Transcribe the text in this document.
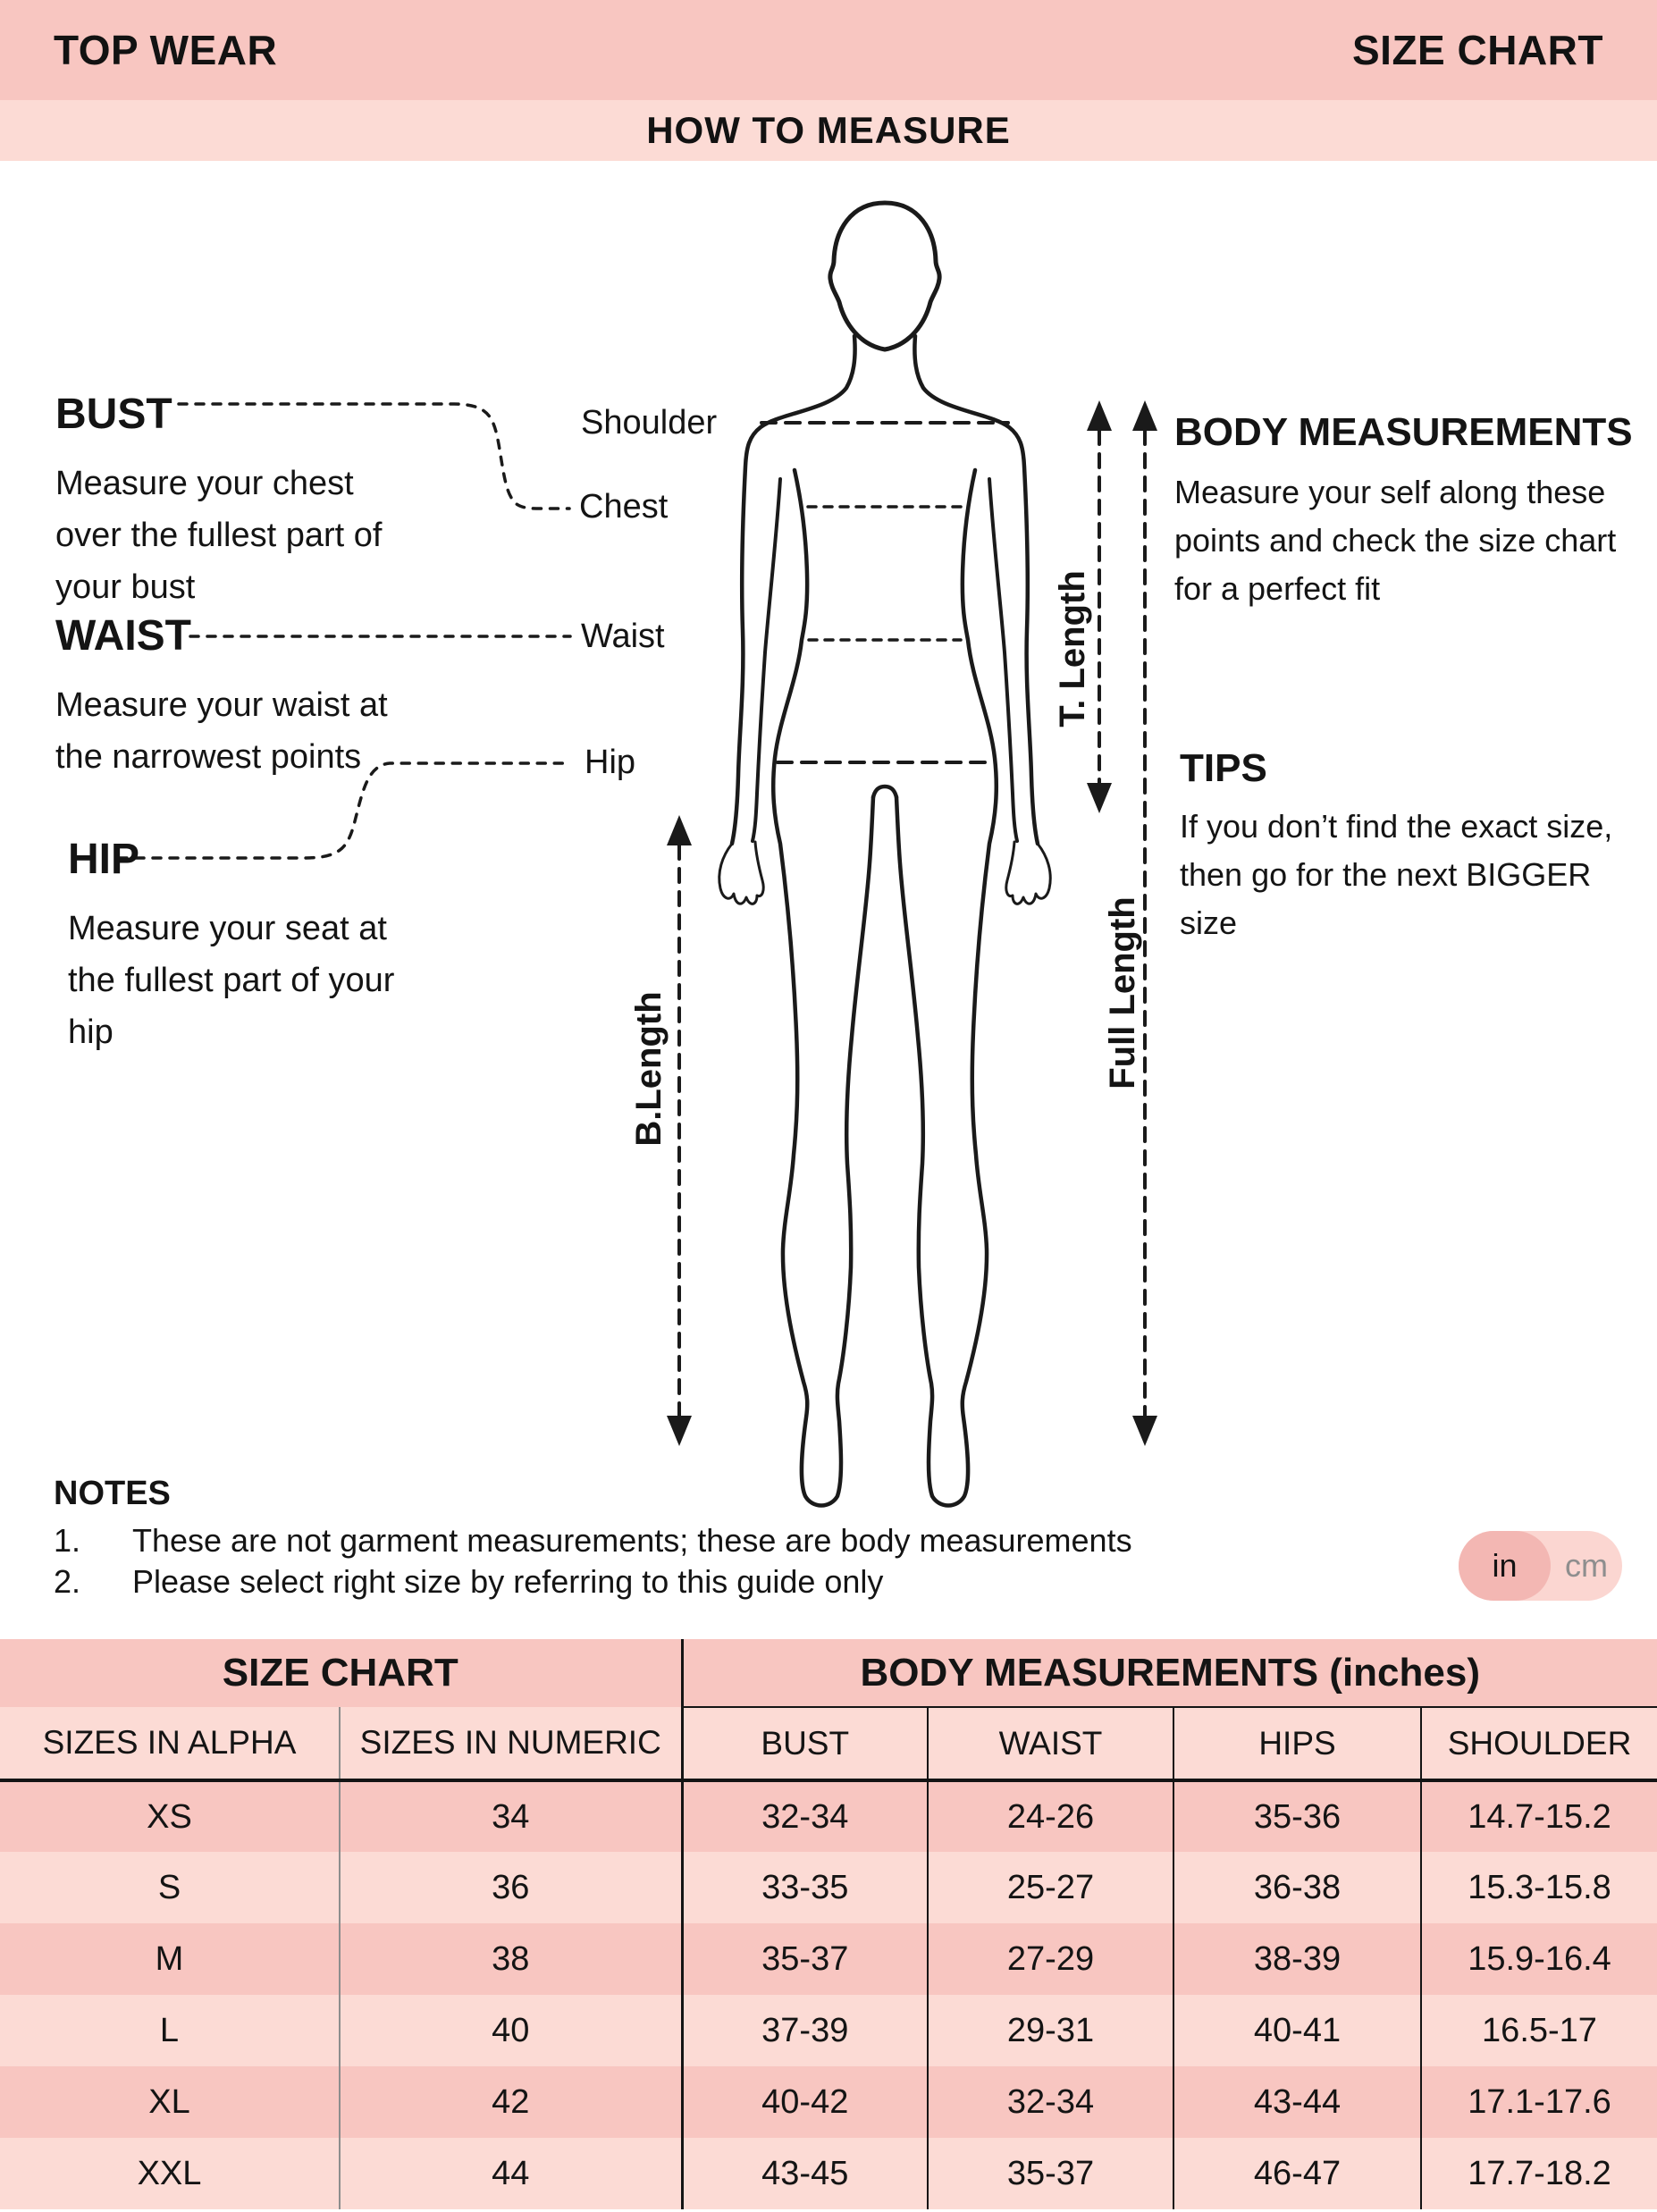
TOP WEAR	SIZE CHART
HOW TO MEASURE
BUST
Measure your chest over the fullest part of your bust
WAIST
Measure your waist at the narrowest points
HIP
Measure your seat at the fullest part of your hip
Shoulder
Chest
Waist
Hip
T. Length
Full Length
B.Length
BODY MEASUREMENTS
Measure your self along these points and check the size chart for a perfect fit
TIPS
If you don’t find the exact size, then go for the next BIGGER size
NOTES
1. These are not garment measurements; these are body measurements
2. Please select right size by referring to this guide only	in	cm
SIZE CHART		BODY MEASUREMENTS (inches)			
SIZES IN ALPHA	SIZES IN NUMERIC	BUST	WAIST	HIPS	SHOULDER
XS	34	32-34	24-26	35-36	14.7-15.2
S	36	33-35	25-27	36-38	15.3-15.8
M	38	35-37	27-29	38-39	15.9-16.4
L	40	37-39	29-31	40-41	16.5-17
XL	42	40-42	32-34	43-44	17.1-17.6
XXL	44	43-45	35-37	46-47	17.7-18.2
